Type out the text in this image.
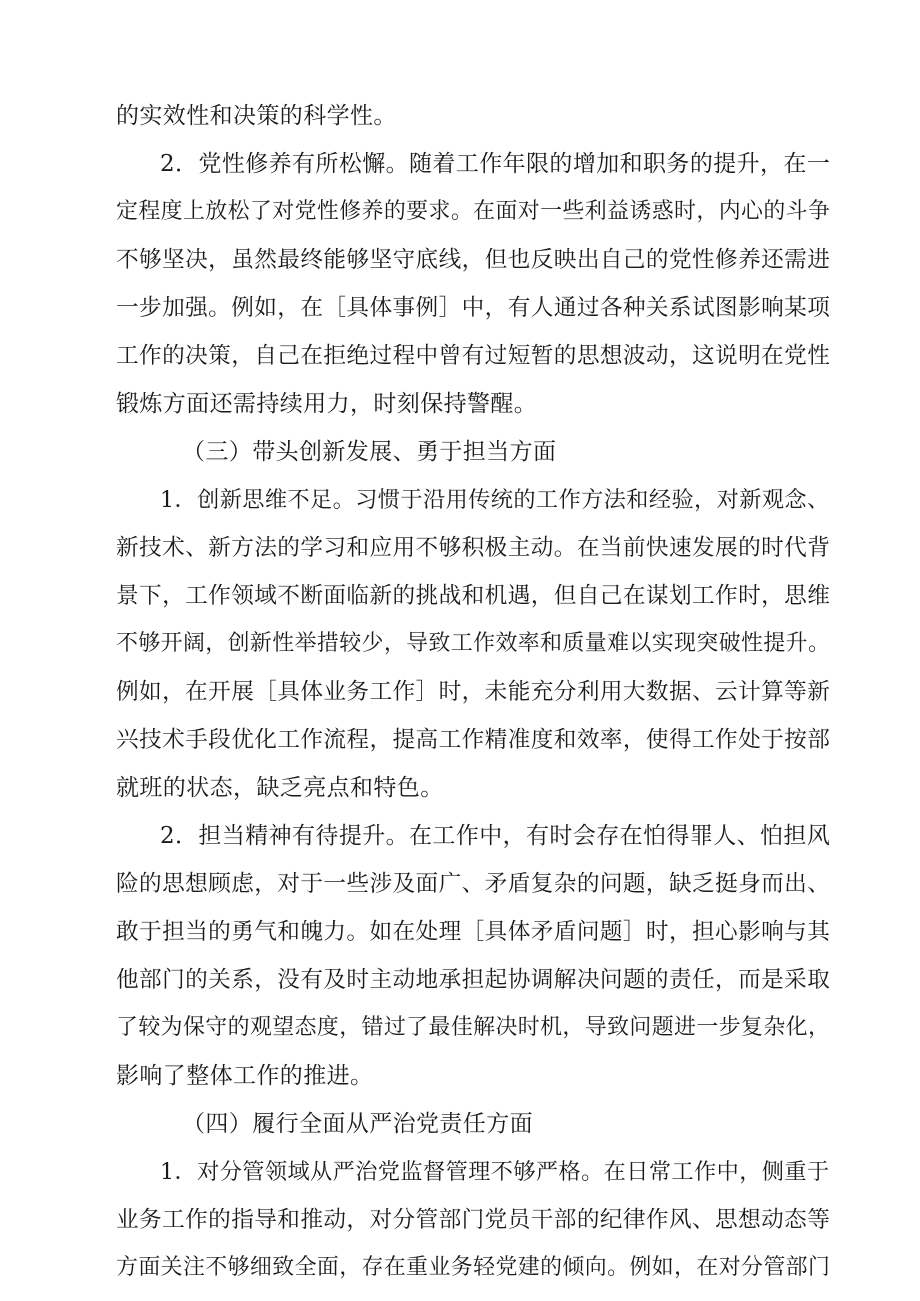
的实效性和决策的科学性。
2．党性修养有所松懈。随着工作年限的增加和职务的提升，在一
定程度上放松了对党性修养的要求。在面对一些利益诱惑时，内心的斗争
不够坚决，虽然最终能够坚守底线，但也反映出自己的党性修养还需进
一步加强。例如，在［具体事例］中，有人通过各种关系试图影响某项
工作的决策，自己在拒绝过程中曾有过短暂的思想波动，这说明在党性
锻炼方面还需持续用力，时刻保持警醒。
（三）带头创新发展、勇于担当方面
1．创新思维不足。习惯于沿用传统的工作方法和经验，对新观念、
新技术、新方法的学习和应用不够积极主动。在当前快速发展的时代背
景下，工作领域不断面临新的挑战和机遇，但自己在谋划工作时，思维
不够开阔，创新性举措较少，导致工作效率和质量难以实现突破性提升。
例如，在开展［具体业务工作］时，未能充分利用大数据、云计算等新
兴技术手段优化工作流程，提高工作精准度和效率，使得工作处于按部
就班的状态，缺乏亮点和特色。
2．担当精神有待提升。在工作中，有时会存在怕得罪人、怕担风
险的思想顾虑，对于一些涉及面广、矛盾复杂的问题，缺乏挺身而出、
敢于担当的勇气和魄力。如在处理［具体矛盾问题］时，担心影响与其
他部门的关系，没有及时主动地承担起协调解决问题的责任，而是采取
了较为保守的观望态度，错过了最佳解决时机，导致问题进一步复杂化，
影响了整体工作的推进。
（四）履行全面从严治党责任方面
1．对分管领域从严治党监督管理不够严格。在日常工作中，侧重于
业务工作的指导和推动，对分管部门党员干部的纪律作风、思想动态等
方面关注不够细致全面，存在重业务轻党建的倾向。例如，在对分管部门
